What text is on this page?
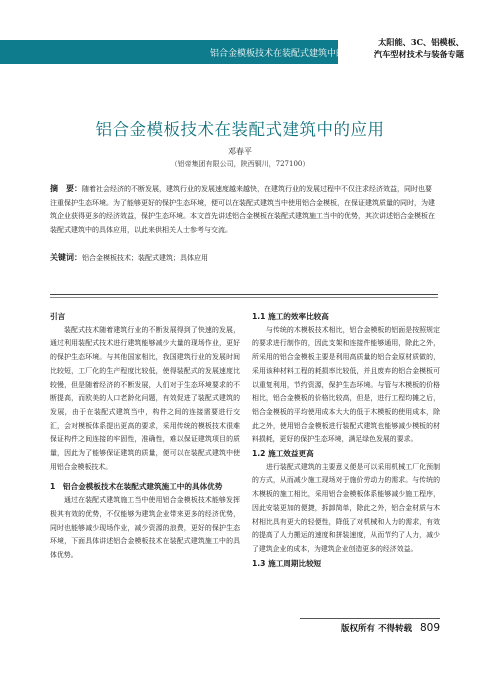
铝合金模板技术在装配式建筑中的应用
太阳能、3C、铝模板、
汽车型材技术与装备专题
铝合金模板技术在装配式建筑中的应用
邓春平
（铝帝集团有限公司，陕西铜川，727100）
摘　要：随着社会经济的不断发展，建筑行业的发展速度越来越快，在建筑行业的发展过程中不仅注求经济效益，同时也要注重保护生态环境。为了能够更好的保护生态环境，便可以在装配式建筑当中使用铝合金模板，在保证建筑质量的同时，为建筑企业获得更多的经济效益，保护生态环境。本文首先讲述铝合金模板在装配式建筑施工当中的优势，其次讲述铝合金模板在装配式建筑中的具体应用，以此来供相关人士参考与交流。
关键词：铝合金模板技术；装配式建筑；具体应用
引言

装配式技术随着建筑行业的不断发展得到了快速的发展，通过利用装配式技术进行建筑能够减少大量的现场作业，更好的保护生态环境。与其他国家相比，我国建筑行业的发展时间比较短，工厂化的生产程度比较低，使得装配式的发展速度比较慢，但是随着经济的不断发展，人们对于生态环境要求的不断提高，而欧美的人口老龄化问题，有效促进了装配式建筑的发展，由于在装配式建筑当中，构件之间的连接需要进行交汇，会对模板体系提出更高的要求，采用传统的模板技术很难保证构件之间连接的牢固性，准确性，难以保证建筑项目的质量，因此为了能够保证建筑的质量，便可以在装配式建筑中使用铝合金模板技术。

1　铝合金模板技术在装配式建筑施工中的具体优势

通过在装配式建筑施工当中使用铝合金模板技术能够发挥极其有效的优势，不仅能够为建筑企业带来更多的经济优势，同时也能够减少现场作业，减少资源的浪费，更好的保护生态环境，下面具体讲述铝合金模板技术在装配式建筑施工中的具体优势。

1.1 施工的效率比较高

与传统的木模板技术相比，铝合金模板的铝面是按照规定的要求进行制作的，因此支架和连接件能够通用，除此之外，所采用的铝合金模板主要是利用高质量的铝合金原材质做的，采用该种材料工程的耗损率比较低，并且废弃的铝合金模板可以重复利用，节约资源，保护生态环境。与管与木模板的价格相比，铝合金模板的价格比较高，但是，进行工程均摊之后，铝合金模板的平均使用成本大大的低于木模板的使用成本，除此之外，使用铝合金模板进行装配式建筑也能够减少模板的材料损耗，更好的保护生态环境，满足绿色发展的要求。

1.2 施工效益更高

进行装配式建筑的主要意义便是可以采用机械工厂化预制的方式，从而减少施工现场对于施价劳动力的需求。与传统的木模板的施工相比，采用铝合金模板体系能够减少施工程序，因此安装更加的便捷，拆卸简单，除此之外，铝合金材质与木材相比具有更大的轻便性，降低了对机械和人力的需求，有效的提高了人力搬运的速度和拼装速度，从而节约了人力，减少了建筑企业的成本，为建筑企业创造更多的经济效益。

1.3 施工周期比较短
版权所有 不得转载 809
